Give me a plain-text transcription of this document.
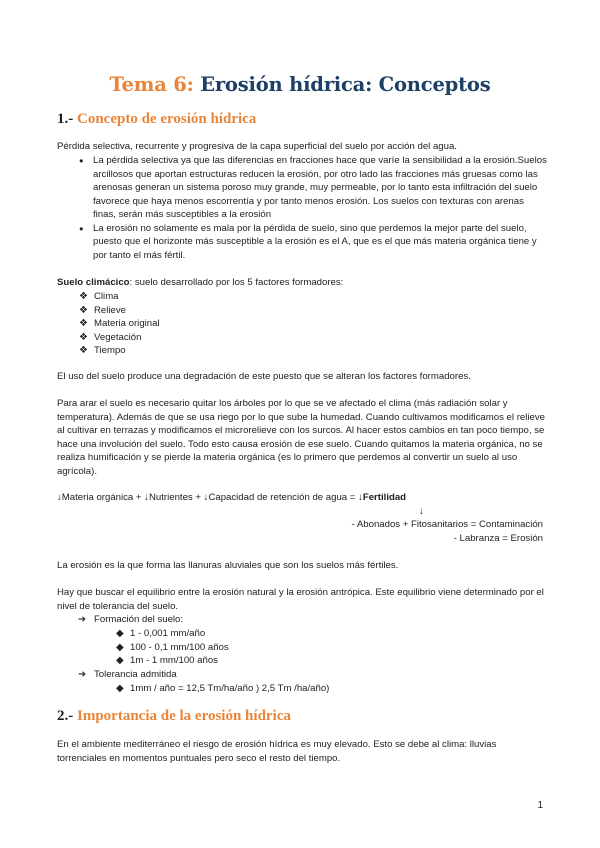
Tema 6: Erosión hídrica: Conceptos
1.- Concepto de erosión hídrica

Pérdida selectiva, recurrente y progresiva de la capa superficial del suelo por acción del agua.

● La pérdida selectiva ya que las diferencias en fracciones hace que varíe la sensibilidad a la erosión.Suelos arcillosos que aportan estructuras reducen la erosión, por otro lado las fracciones más gruesas como las arenosas generan un sistema poroso muy grande, muy permeable, por lo tanto esta infiltración del suelo favorece que haya menos escorrentía y por tanto menos erosión. Los suelos con texturas con arenas finas, serán más susceptibles a la erosión
● La erosión no solamente es mala por la pérdida de suelo, sino que perdemos la mejor parte del suelo, puesto que el horizonte más susceptible a la erosión es el A, que es el que más materia orgánica tiene y por tanto el más fértil.

Suelo climácico: suelo desarrollado por los 5 factores formadores:

❖ Clima
❖ Relieve
❖ Materia original
❖ Vegetación
❖ Tiempo

El uso del suelo produce una degradación de este puesto que se alteran los factores formadores.

Para arar el suelo es necesario quitar los árboles por lo que se ve afectado el clima (más radiación solar y temperatura). Además de que se usa riego por lo que sube la humedad. Cuando cultivamos modificamos el relieve al cultivar en terrazas y modificamos el microrelieve con los surcos. Al hacer estos cambios en tan poco tiempo, se hace una involución del suelo. Todo esto causa erosión de ese suelo. Cuando quitamos la materia orgánica, no se realiza humificación y se pierde la materia orgánica (es lo primero que perdemos al convertir un suelo al uso agrícola).

↓Materia orgánica + ↓Nutrientes + ↓Capacidad de retención de agua = ↓Fertilidad

↓
- Abonados + Fitosanitarios = Contaminación
- Labranza = Erosión

La erosión es la que forma las llanuras aluviales que son los suelos más fértiles.

Hay que buscar el equilibrio entre la erosión natural y la erosión antrópica. Este equilibrio viene determinado por el nivel de tolerancia del suelo.

➔ Formación del suelo:
◆ 1 - 0,001 mm/año
◆ 100 - 0,1 mm/100 años
◆ 1m - 1 mm/100 años
➔ Tolerancia admitida
◆ 1mm / año = 12,5 Tm/ha/año ) 2,5 Tm /ha/año)
2.- Importancia de la erosión hídrica

En el ambiente mediterráneo el riesgo de erosión hídrica es muy elevado. Esto se debe al clima: lluvias torrenciales en momentos puntuales pero seco el resto del tiempo.

1
